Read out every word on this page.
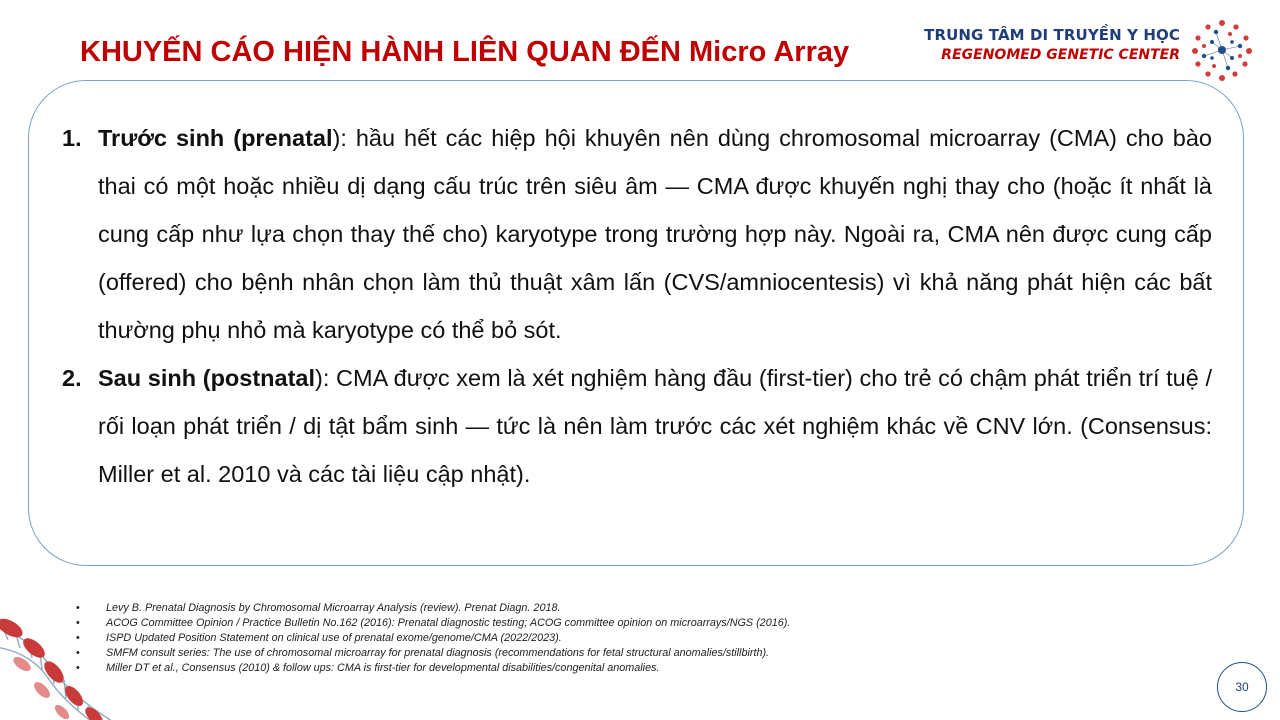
KHUYẾN CÁO HIỆN HÀNH LIÊN QUAN ĐẾN Micro Array
TRUNG TÂM DI TRUYỀN Y HỌC
REGENOMED GENETIC CENTER
1. Trước sinh (prenatal): hầu hết các hiệp hội khuyên nên dùng chromosomal microarray (CMA) cho bào thai có một hoặc nhiều dị dạng cấu trúc trên siêu âm — CMA được khuyến nghị thay cho (hoặc ít nhất là cung cấp như lựa chọn thay thế cho) karyotype trong trường hợp này. Ngoài ra, CMA nên được cung cấp (offered) cho bệnh nhân chọn làm thủ thuật xâm lấn (CVS/amniocentesis) vì khả năng phát hiện các bất thường phụ nhỏ mà karyotype có thể bỏ sót.
2. Sau sinh (postnatal): CMA được xem là xét nghiệm hàng đầu (first-tier) cho trẻ có chậm phát triển trí tuệ / rối loạn phát triển / dị tật bẩm sinh — tức là nên làm trước các xét nghiệm khác về CNV lớn. (Consensus: Miller et al. 2010 và các tài liệu cập nhật).
• Levy B. Prenatal Diagnosis by Chromosomal Microarray Analysis (review). Prenat Diagn. 2018.
• ACOG Committee Opinion / Practice Bulletin No.162 (2016): Prenatal diagnostic testing; ACOG committee opinion on microarrays/NGS (2016).
• ISPD Updated Position Statement on clinical use of prenatal exome/genome/CMA (2022/2023).
• SMFM consult series: The use of chromosomal microarray for prenatal diagnosis (recommendations for fetal structural anomalies/stillbirth).
• Miller DT et al., Consensus (2010) & follow ups: CMA is first-tier for developmental disabilities/congenital anomalies.
30
